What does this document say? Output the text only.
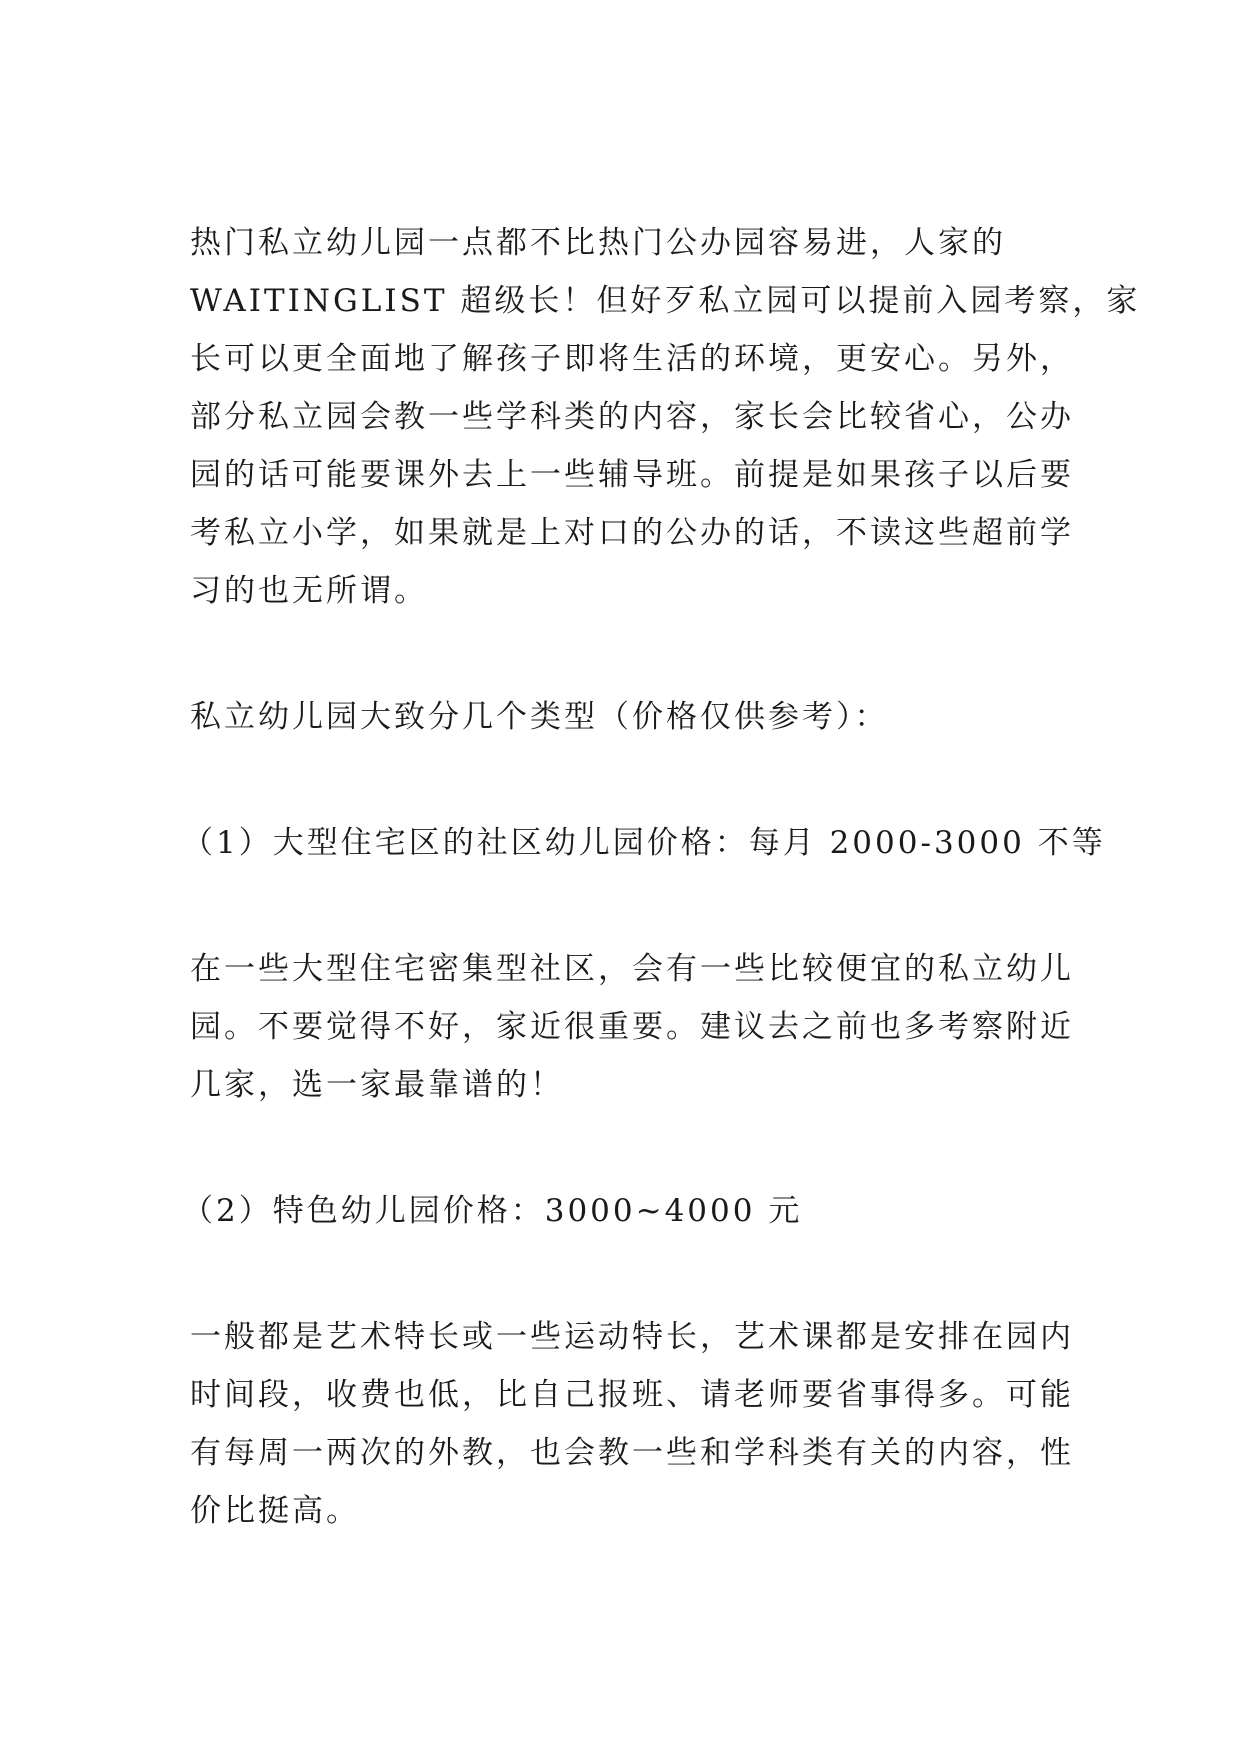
热门私立幼儿园一点都不比热门公办园容易进，人家的
WAITINGLIST 超级长！但好歹私立园可以提前入园考察，家
长可以更全面地了解孩子即将生活的环境，更安心。另外，
部分私立园会教一些学科类的内容，家长会比较省心，公办
园的话可能要课外去上一些辅导班。前提是如果孩子以后要
考私立小学，如果就是上对口的公办的话，不读这些超前学
习的也无所谓。
私立幼儿园大致分几个类型（价格仅供参考）：
（1）大型住宅区的社区幼儿园价格：每月 2000-3000 不等
在一些大型住宅密集型社区，会有一些比较便宜的私立幼儿
园。不要觉得不好，家近很重要。建议去之前也多考察附近
几家，选一家最靠谱的！
（2）特色幼儿园价格：3000~4000 元
一般都是艺术特长或一些运动特长，艺术课都是安排在园内
时间段，收费也低，比自己报班、请老师要省事得多。可能
有每周一两次的外教，也会教一些和学科类有关的内容，性
价比挺高。
